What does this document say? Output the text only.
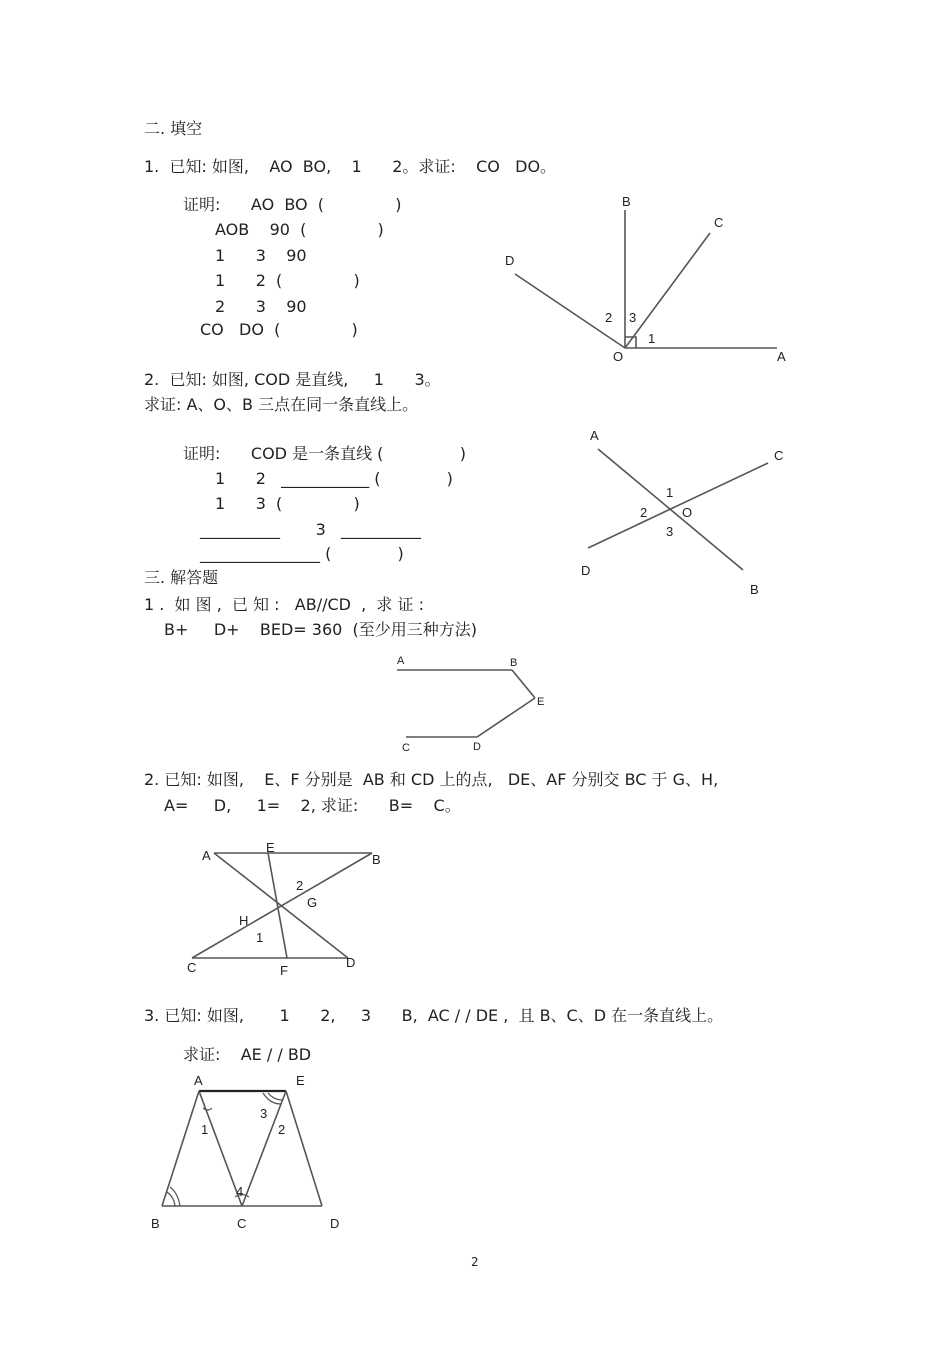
二. 填空
1.  已知: 如图,    AO  BO,    1      2。求证:    CO   DO。
证明:      AO  BO  (              )
AOB    90  (              )
1      3    90
1      2  (              )
2      3    90
CO   DO  (              )
B
C
D
2 3
1
O	A
2.  已知: 如图, COD 是直线,     1      3。
求证: A、O、B 三点在同一条直线上。
证明:      COD 是一条直线 (               )
1      2   ___________ (             )
1      3  (              )
__________       3   __________
_______________ (             )
A
C
1
2	O
3
D
B
三. 解答题
1 .  如 图 ,  已 知 :   AB//CD  ,  求 证 :
B+     D+    BED= 360  (至少用三种方法)
A	B
E
C	D
2. 已知: 如图,    E、F 分别是  AB 和 CD 上的点,   DE、AF 分别交 BC 于 G、H,
A=     D,     1=    2, 求证:      B=    C。
A
E
B
2
G
H
1
C	F
D
3. 已知: 如图,       1      2,     3      B,  AC / / DE ,  且 B、C、D 在一条直线上。
求证:    AE / / BD
A	E
3
1	2
4
B	C	D
2
